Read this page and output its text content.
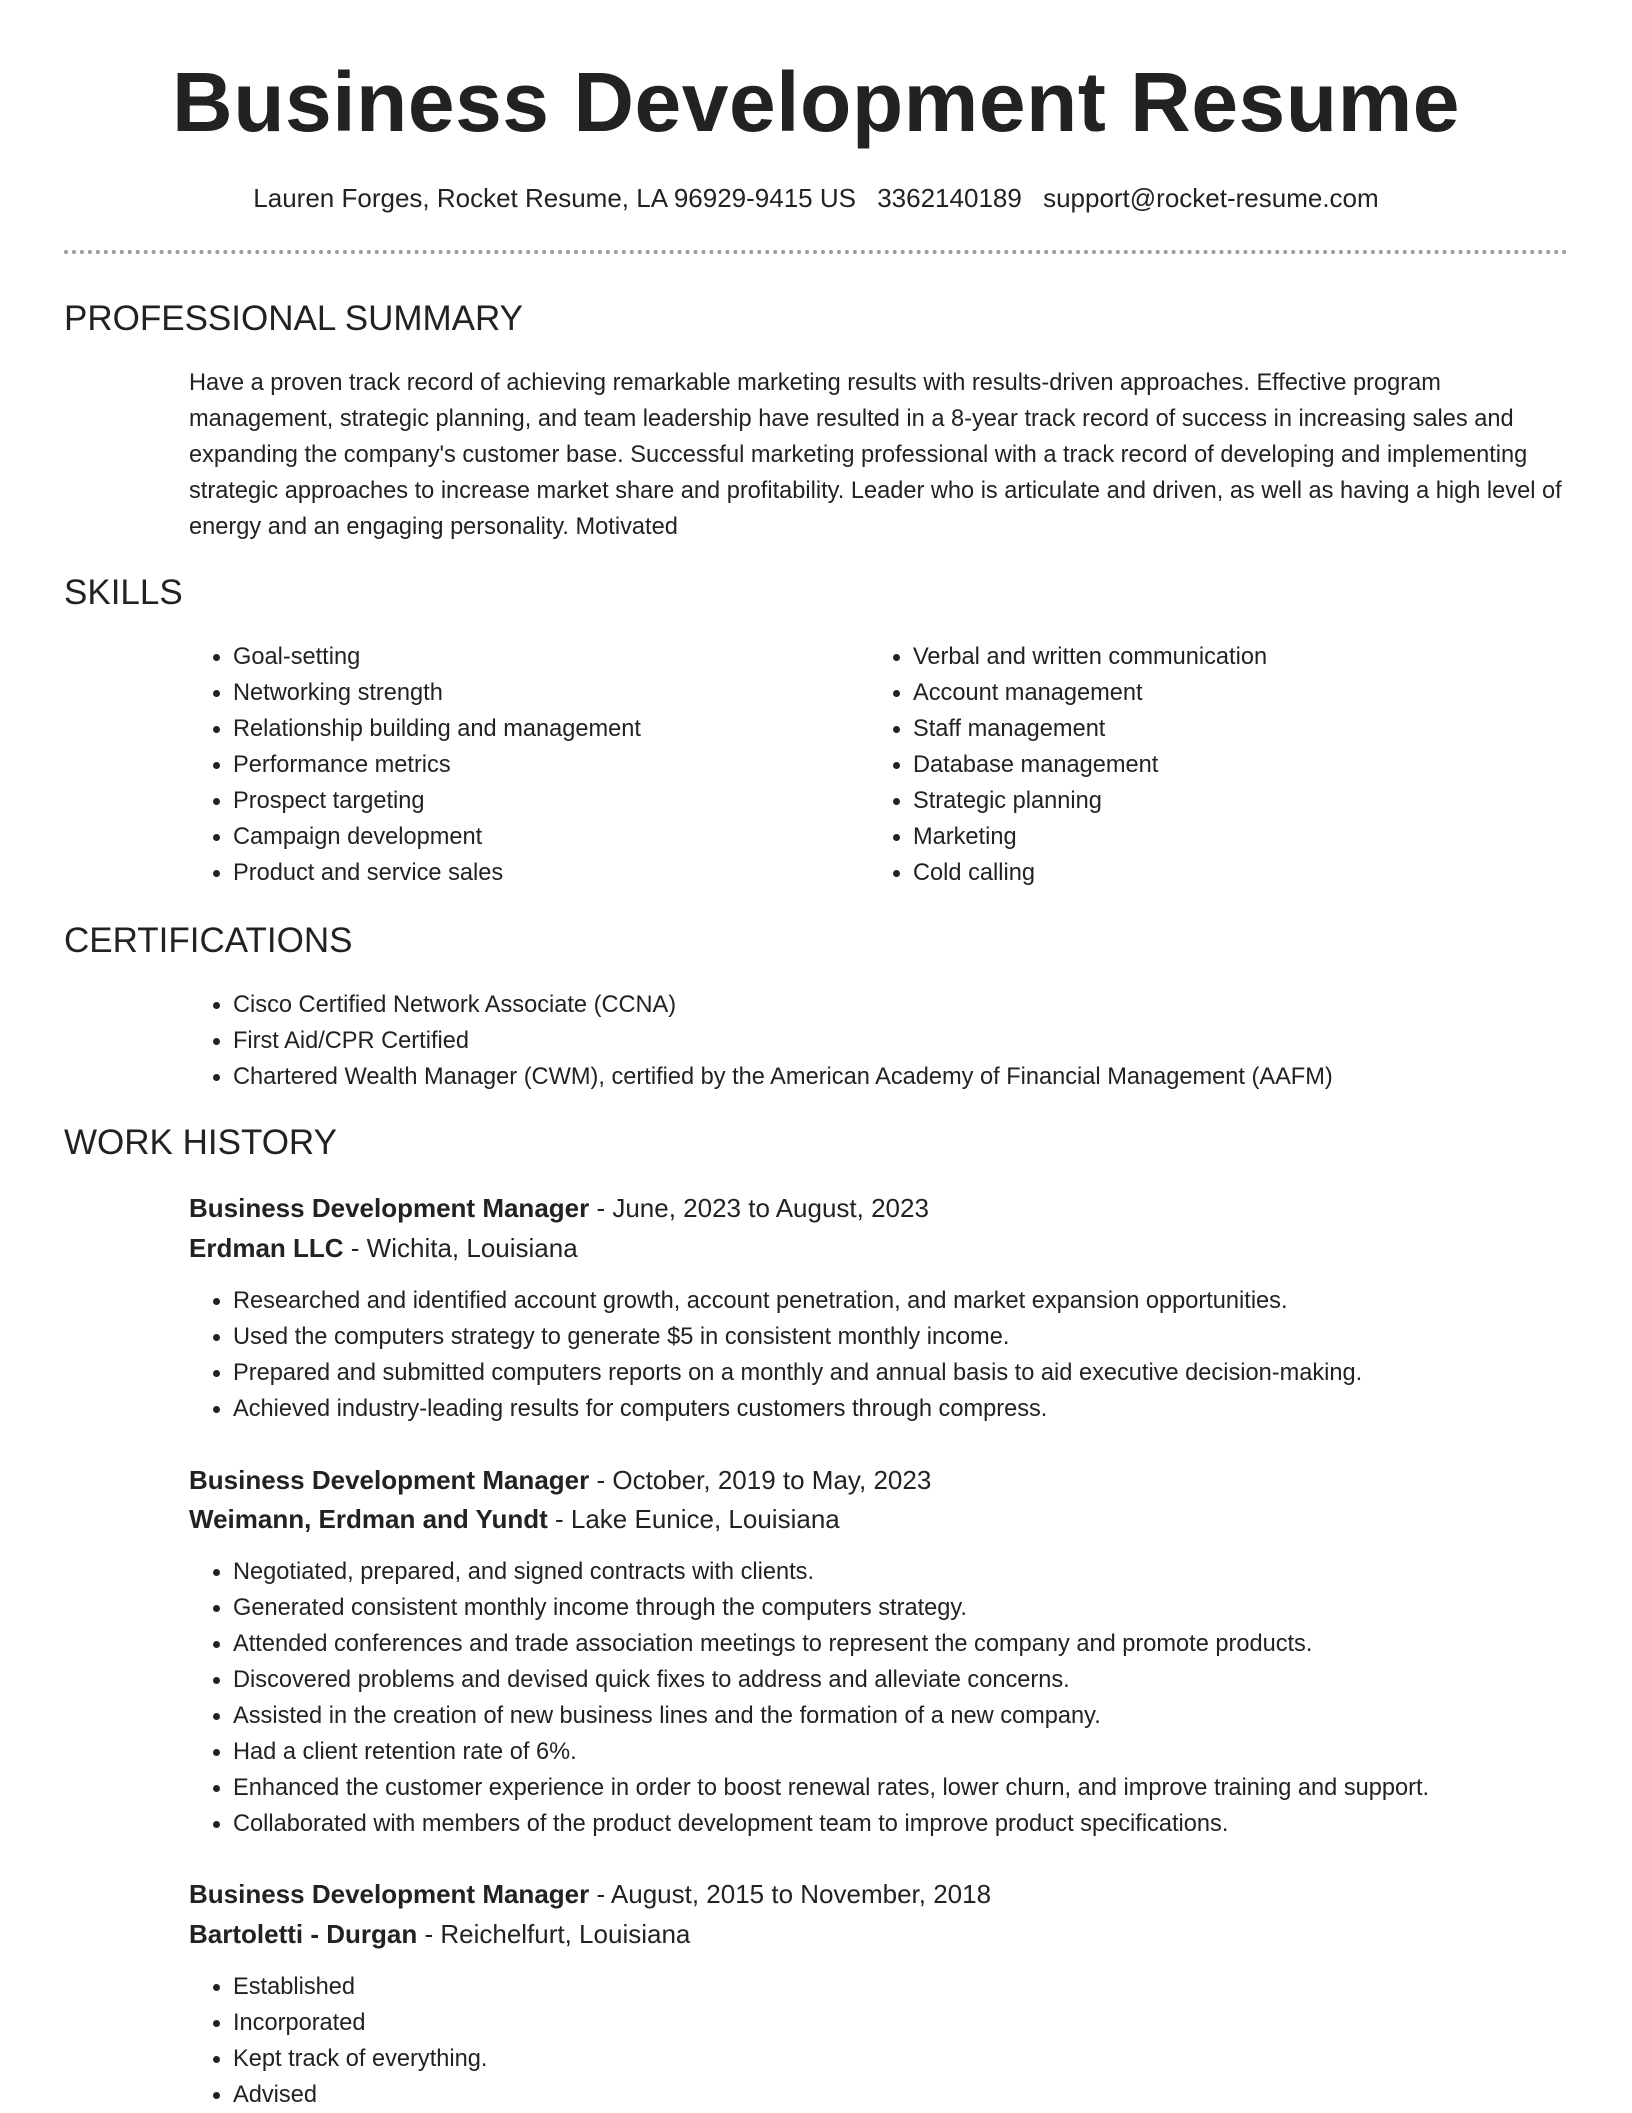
Business Development Resume
Lauren Forges, Rocket Resume, LA 96929-9415 US 3362140189 support@rocket-resume.com
PROFESSIONAL SUMMARY

Have a proven track record of achieving remarkable marketing results with results-driven approaches. Effective program management, strategic planning, and team leadership have resulted in a 8-year track record of success in increasing sales and expanding the company's customer base. Successful marketing professional with a track record of developing and implementing strategic approaches to increase market share and profitability. Leader who is articulate and driven, as well as having a high level of energy and an engaging personality. Motivated

SKILLS
• Goal-setting
• Networking strength
• Relationship building and management
• Performance metrics
• Prospect targeting
• Campaign development
• Product and service sales
• Verbal and written communication
• Account management
• Staff management
• Database management
• Strategic planning
• Marketing
• Cold calling
CERTIFICATIONS
• Cisco Certified Network Associate (CCNA)
• First Aid/CPR Certified
• Chartered Wealth Manager (CWM), certified by the American Academy of Financial Management (AAFM)
WORK HISTORY
Business Development Manager - June, 2023 to August, 2023
Erdman LLC - Wichita, Louisiana
• Researched and identified account growth, account penetration, and market expansion opportunities.
• Used the computers strategy to generate $5 in consistent monthly income.
• Prepared and submitted computers reports on a monthly and annual basis to aid executive decision-making.
• Achieved industry-leading results for computers customers through compress.
Business Development Manager - October, 2019 to May, 2023
Weimann, Erdman and Yundt - Lake Eunice, Louisiana
• Negotiated, prepared, and signed contracts with clients.
• Generated consistent monthly income through the computers strategy.
• Attended conferences and trade association meetings to represent the company and promote products.
• Discovered problems and devised quick fixes to address and alleviate concerns.
• Assisted in the creation of new business lines and the formation of a new company.
• Had a client retention rate of 6%.
• Enhanced the customer experience in order to boost renewal rates, lower churn, and improve training and support.
• Collaborated with members of the product development team to improve product specifications.
Business Development Manager - August, 2015 to November, 2018
Bartoletti - Durgan - Reichelfurt, Louisiana
• Established
• Incorporated
• Kept track of everything.
• Advised
